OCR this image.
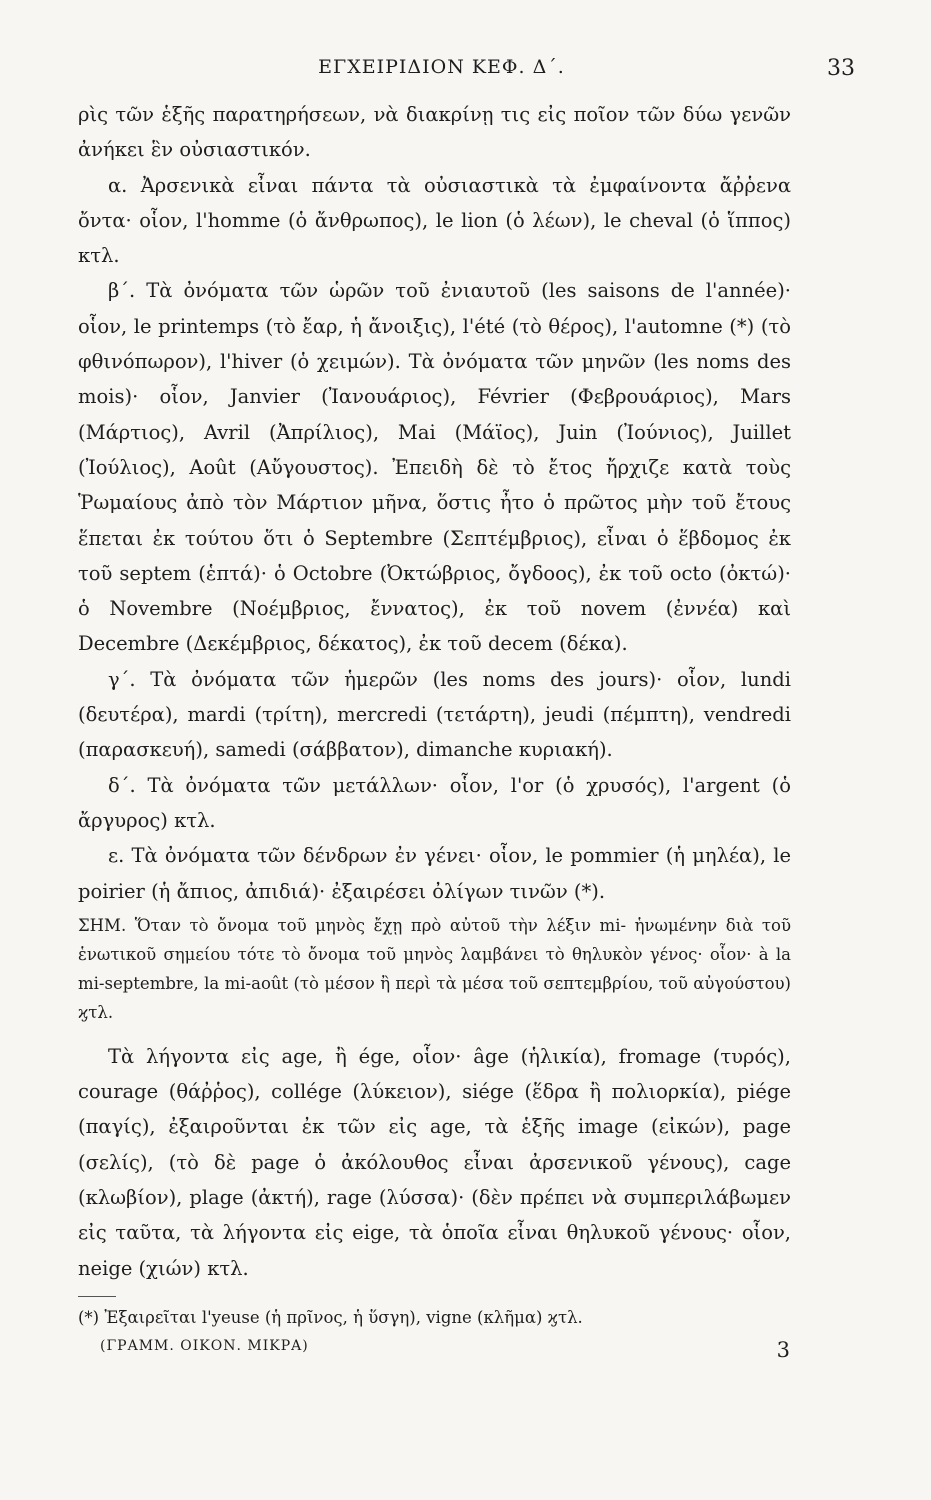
ΕΓΧΕΙΡΙΔΙΟΝ ΚΕΦ. Δ΄.	33

ρὶς τῶν ἑξῆς παρατηρήσεων, νὰ διακρίνῃ τις εἰς ποῖον τῶν δύω γενῶν ἀνήκει ἓν οὐσιαστικόν.

α. Ἀρσενικὰ εἶναι πάντα τὰ οὐσιαστικὰ τὰ ἐμφαίνοντα ἄῤῥενα ὄντα· οἷον, l'homme (ὁ ἄνθρωπος), le lion (ὁ λέων), le cheval (ὁ ἵππος) κτλ.

β΄. Τὰ ὀνόματα τῶν ὡρῶν τοῦ ἐνιαυτοῦ (les saisons de l'année)· οἷον, le printemps (τὸ ἔαρ, ἡ ἄνοιξις), l'été (τὸ θέρος), l'automne (*) (τὸ φθινόπωρον), l'hiver (ὁ χειμών). Τὰ ὀνόματα τῶν μηνῶν (les noms des mois)· οἷον, Janvier (Ἰανουάριος), Février (Φεβρουάριος), Mars (Μάρτιος), Avril (Ἀπρίλιος), Mai (Μάϊος), Juin (Ἰούνιος), Juillet (Ἰούλιος), Août (Αὔγουστος). Ἐπειδὴ δὲ τὸ ἔτος ἤρχιζε κατὰ τοὺς Ῥωμαίους ἀπὸ τὸν Μάρτιον μῆνα, ὅστις ἦτο ὁ πρῶτος μὴν τοῦ ἔτους ἕπεται ἐκ τούτου ὅτι ὁ Septembre (Σεπτέμβριος), εἶναι ὁ ἕβδομος ἐκ τοῦ septem (ἑπτά)· ὁ Octobre (Ὀκτώβριος, ὄγδοος), ἐκ τοῦ octo (ὀκτώ)· ὁ Novembre (Νοέμβριος, ἔννατος), ἐκ τοῦ novem (ἐννέα) καὶ Decembre (Δεκέμβριος, δέκατος), ἐκ τοῦ decem (δέκα).

γ΄. Τὰ ὀνόματα τῶν ἡμερῶν (les noms des jours)· οἷον, lundi (δευτέρα), mardi (τρίτη), mercredi (τετάρτη), jeudi (πέμπτη), vendredi (παρασκευή), samedi (σάββατον), dimanche κυριακή).

δ΄. Τὰ ὀνόματα τῶν μετάλλων· οἷον, l'or (ὁ χρυσός), l'argent (ὁ ἄργυρος) κτλ.

ε. Τὰ ὀνόματα τῶν δένδρων ἐν γένει· οἷον, le pommier (ἡ μηλέα), le poirier (ἡ ἄπιος, ἀπιδιά)· ἐξαιρέσει ὀλίγων τινῶν (*).

ΣΗΜ. Ὅταν τὸ ὄνομα τοῦ μηνὸς ἔχῃ πρὸ αὐτοῦ τὴν λέξιν mi- ἡνωμένην διὰ τοῦ ἑνωτικοῦ σημείου τότε τὸ ὄνομα τοῦ μηνὸς λαμβάνει τὸ θηλυκὸν γένος· οἷον· à la mi-septembre, la mi-août (τὸ μέσον ἢ περὶ τὰ μέσα τοῦ σεπτεμβρίου, τοῦ αὐγούστου) ϗτλ.

Τὰ λήγοντα εἰς age, ἢ ége, οἷον· âge (ἡλικία), fromage (τυρός), courage (θάῤῥος), collége (λύκειον), siége (ἕδρα ἢ πολιορκία), piége (παγίς), ἐξαιροῦνται ἐκ τῶν εἰς age, τὰ ἑξῆς image (εἰκών), page (σελίς), (τὸ δὲ page ὁ ἀκόλουθος εἶναι ἀρσενικοῦ γένους), cage (κλωβίον), plage (ἀκτή), rage (λύσσα)· (δὲν πρέπει νὰ συμπεριλάβωμεν εἰς ταῦτα, τὰ λήγοντα εἰς eige, τὰ ὁποῖα εἶναι θηλυκοῦ γένους· οἷον, neige (χιών) κτλ.

(*) Ἐξαιρεῖται l'yeuse (ἡ πρῖνος, ἡ ὕσγη), vigne (κλῆμα) ϗτλ.
(ΓΡΑΜΜ. ΟΙΚΟΝ. ΜΙΚΡΑ)	3
